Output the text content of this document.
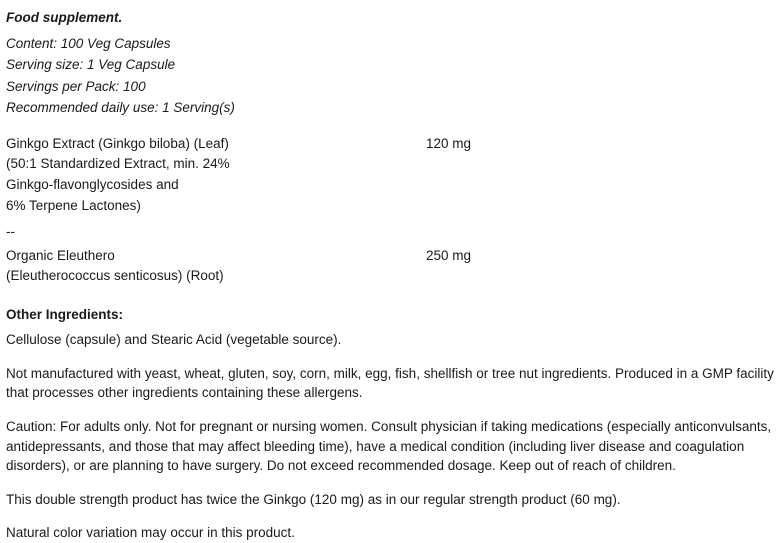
Food supplement.
Content: 100 Veg Capsules
Serving size: 1 Veg Capsule
Servings per Pack: 100
Recommended daily use: 1 Serving(s)
Ginkgo Extract (Ginkgo biloba) (Leaf)
(50:1 Standardized Extract, min. 24%
Ginkgo-flavonglycosides and
6% Terpene Lactones)
	120 mg	
--
Organic Eleuthero
(Eleutherococcus senticosus) (Root)
	250 mg	
Other Ingredients:

Cellulose (capsule) and Stearic Acid (vegetable source).

Not manufactured with yeast, wheat, gluten, soy, corn, milk, egg, fish, shellfish or tree nut ingredients. Produced in a GMP facility that processes other ingredients containing these allergens.

Caution: For adults only. Not for pregnant or nursing women. Consult physician if taking medications (especially anticonvulsants, antidepressants, and those that may affect bleeding time), have a medical condition (including liver disease and coagulation disorders), or are planning to have surgery. Do not exceed recommended dosage. Keep out of reach of children.

This double strength product has twice the Ginkgo (120 mg) as in our regular strength product (60 mg).

Natural color variation may occur in this product.
